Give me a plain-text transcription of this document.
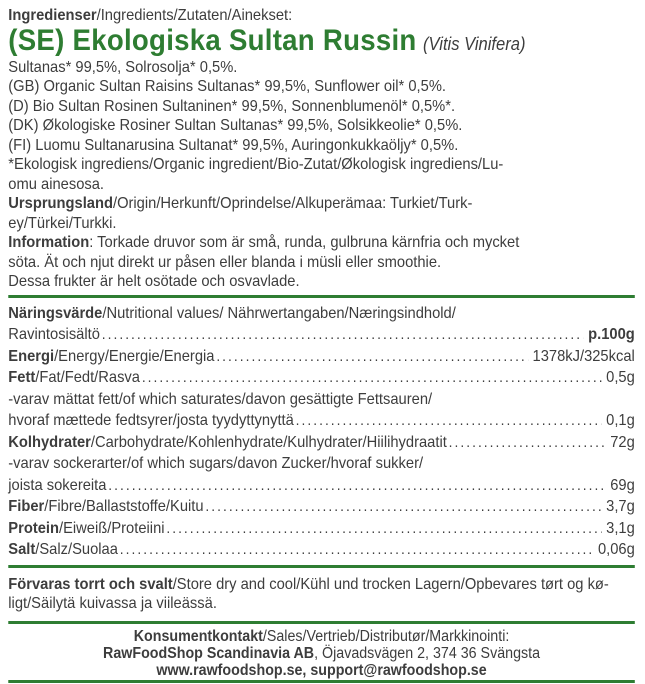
Ingredienser/Ingredients/Zutaten/Ainekset:
(SE) Ekologiska Sultan Russin (Vitis Vinifera)
Sultanas* 99,5%, Solrosolja* 0,5%.
(GB) Organic Sultan Raisins Sultanas* 99,5%, Sunflower oil* 0,5%.
(D) Bio Sultan Rosinen Sultaninen* 99,5%, Sonnenblumenöl* 0,5%*.
(DK) Økologiske Rosiner Sultan Sultanas* 99,5%, Solsikkeolie* 0,5%.
(FI) Luomu Sultanarusina Sultanat* 99,5%, Auringonkukkaöljy* 0,5%.
*Ekologisk ingrediens/Organic ingredient/Bio-Zutat/Økologisk ingrediens/Lu-
omu ainesosa.
Ursprungsland/Origin/Herkunft/Oprindelse/Alkuperämaa: Turkiet/Turk-
ey/Türkei/Turkki.
Information: Torkade druvor som är små, runda, gulbruna kärnfria och mycket
söta. Ät och njut direkt ur påsen eller blanda i müsli eller smoothie.
Dessa frukter är helt osötade och osvavlade.
Näringsvärde/Nutritional values/ Nährwertangaben/Næringsindhold/
Ravintosisältö .....	p.100g
Energi /Energy/Energie/Energia .....	1378kJ/325kcal
Fett /Fat/Fedt/Rasva .....	0,5g
-varav mättat fett/of which saturates/davon gesättigte Fettsauren/
hvoraf mættede fedtsyrer/josta tyydyttynyttä .....	0,1g
Kolhydrater /Carbohydrate/Kohlenhydrate/Kulhydrater/Hiilihydraatit .....	72g
-varav sockerarter/of which sugars/davon Zucker/hvoraf sukker/
joista sokereita .....	69g
Fiber /Fibre/Ballaststoffe/Kuitu .....	3,7g
Protein /Eiweiß/Proteiini .....	3,1g
Salt /Salz/Suolaa .....	0,06g
Förvaras torrt och svalt/Store dry and cool/Kühl und trocken Lagern/Opbevares tørt og kø-
ligt/Säilytä kuivassa ja viileässä.
Konsumentkontakt/Sales/Vertrieb/Distributør/Markkinointi:
RawFoodShop Scandinavia AB, Öjavadsvägen 2, 374 36 Svängsta
www.rawfoodshop.se, support@rawfoodshop.se
